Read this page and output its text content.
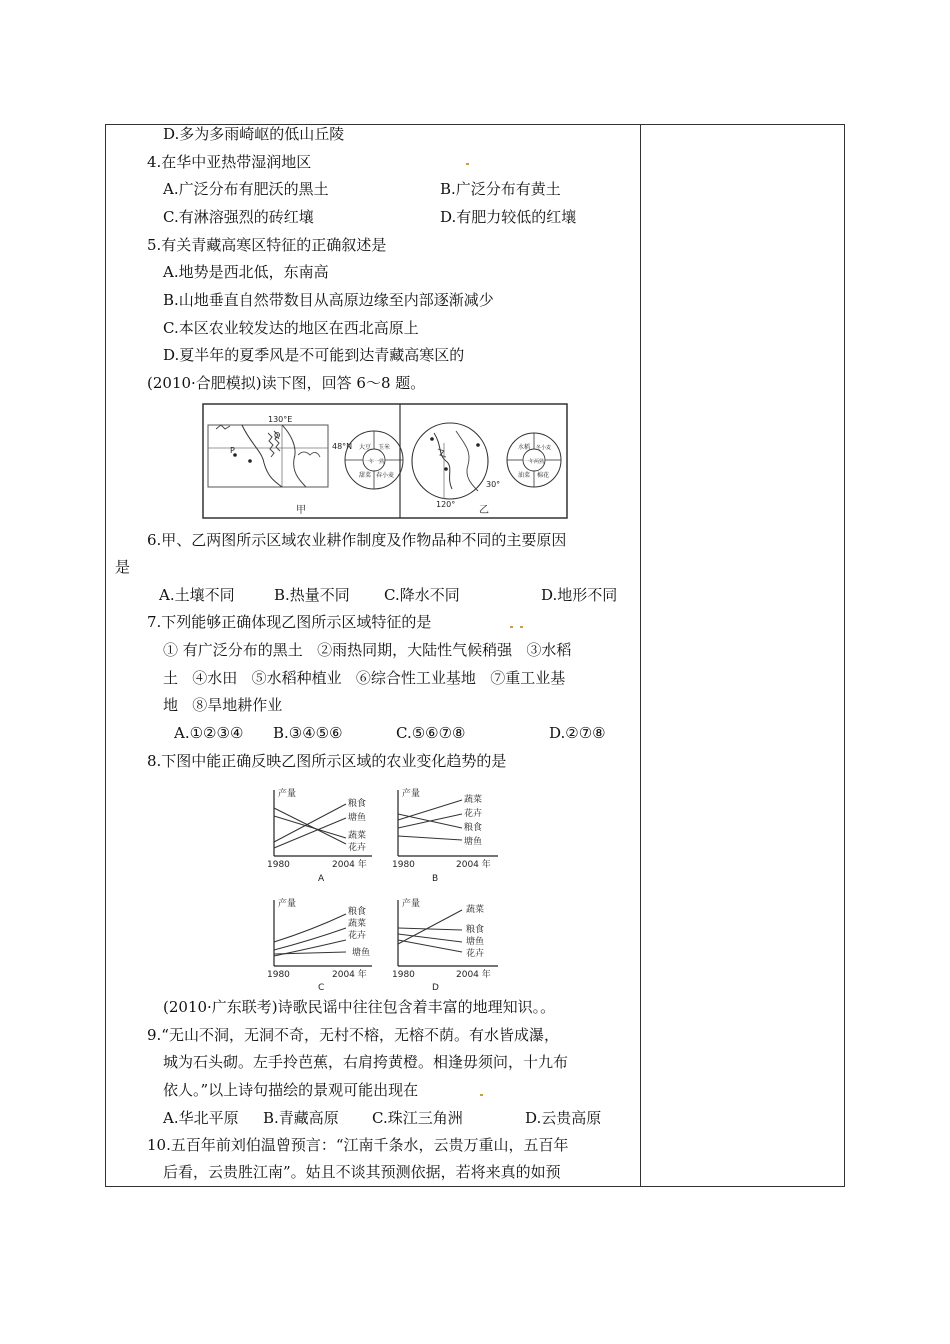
D.多为多雨崎岖的低山丘陵
4.在华中亚热带湿润地区
A.广泛分布有肥沃的黑土	B.广泛分布有黄土
C.有淋溶强烈的砖红壤	D.有肥力较低的红壤
5.有关青藏高寒区特征的正确叙述是
A.地势是西北低，东南高
B.山地垂直自然带数目从高原边缘至内部逐渐减少
C.本区农业较发达的地区在西北高原上
D.夏半年的夏季风是不可能到达青藏高寒区的
(2010·合肥模拟)读下图，回答 6～8 题。
P
Q
130°E
48°N
一年一熟
大豆 玉米
甜菜 春小麦
甲
120°
30°
一年两熟
水稻 冬小麦
油菜 棉花
乙
6.甲、乙两图所示区域农业耕作制度及作物品种不同的主要原因
是
A.土壤不同	B.热量不同 C.降水不同	D.地形不同
7.下列能够正确体现乙图所示区域特征的是
① 有广泛分布的黑土   ②雨热同期，大陆性气候稍强   ③水稻
土   ④水田   ⑤水稻种植业   ⑥综合性工业基地   ⑦重工业基
地   ⑧旱地耕作业
A.①②③④ B.③④⑤⑥	C.⑤⑥⑦⑧	D.②⑦⑧
8.下图中能正确反映乙图所示区域的农业变化趋势的是
产量
粮食
塘鱼
蔬菜
花卉
1980	2004 年
A
产量
蔬菜
花卉
粮食
塘鱼
1980	2004 年
B
产量
粮食
蔬菜
花卉
塘鱼
1980	2004 年
C
产量
蔬菜
粮食
塘鱼
花卉
1980	2004 年
D
(2010·广东联考)诗歌民谣中往往包含着丰富的地理知识。。
9.“无山不洞，无洞不奇，无村不榕，无榕不荫。有水皆成瀑，
城为石头砌。左手拎芭蕉，右肩挎黄橙。相逢毋须问，十九布
依人。”以上诗句描绘的景观可能出现在
A.华北平原 B.青藏高原 C.珠江三角洲	D.云贵高原
10.五百年前刘伯温曾预言：“江南千条水，云贵万重山，五百年
后看，云贵胜江南”。姑且不谈其预测依据，若将来真的如预
